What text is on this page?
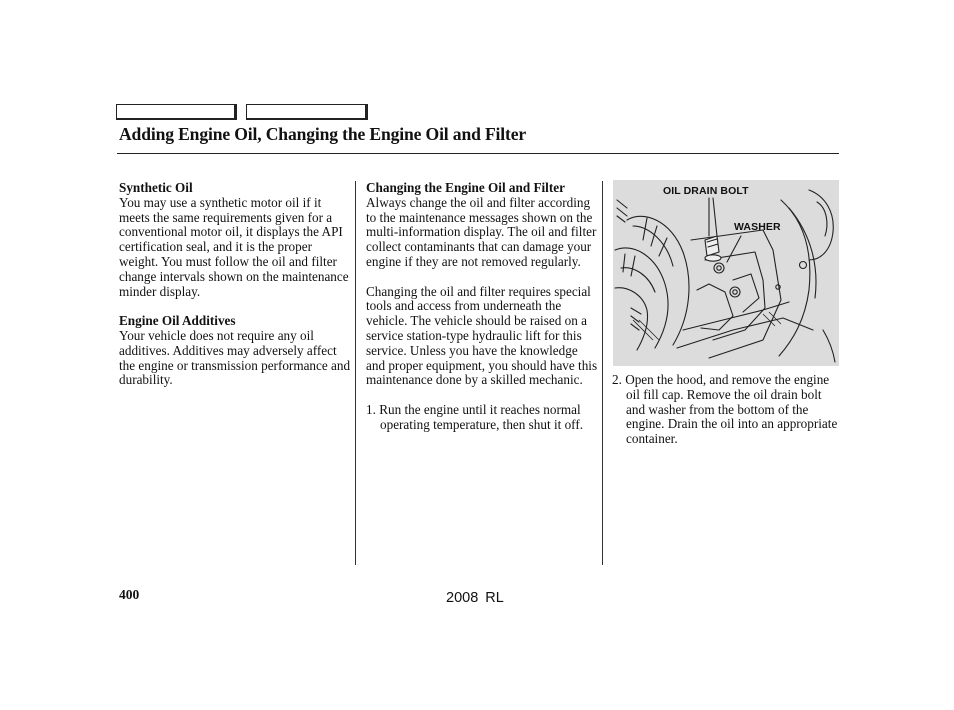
Adding Engine Oil, Changing the Engine Oil and Filter

Synthetic Oil

You may use a synthetic motor oil if it meets the same requirements given for a conventional motor oil, it displays the API certification seal, and it is the proper weight. You must follow the oil and filter change intervals shown on the maintenance minder display.

Engine Oil Additives

Your vehicle does not require any oil additives. Additives may adversely affect the engine or transmission performance and durability.

Changing the Engine Oil and Filter

Always change the oil and filter according to the maintenance messages shown on the multi-information display. The oil and filter collect contaminants that can damage your engine if they are not removed regularly.

Changing the oil and filter requires special tools and access from underneath the vehicle. The vehicle should be raised on a service station-type hydraulic lift for this service. Unless you have the knowledge and proper equipment, you should have this maintenance done by a skilled mechanic.

1. Run the engine until it reaches normal operating temperature, then shut it off.

OIL DRAIN BOLT
WASHER

2. Open the hood, and remove the engine oil fill cap. Remove the oil drain bolt and washer from the bottom of the engine. Drain the oil into an appropriate container.

400	2008 RL
